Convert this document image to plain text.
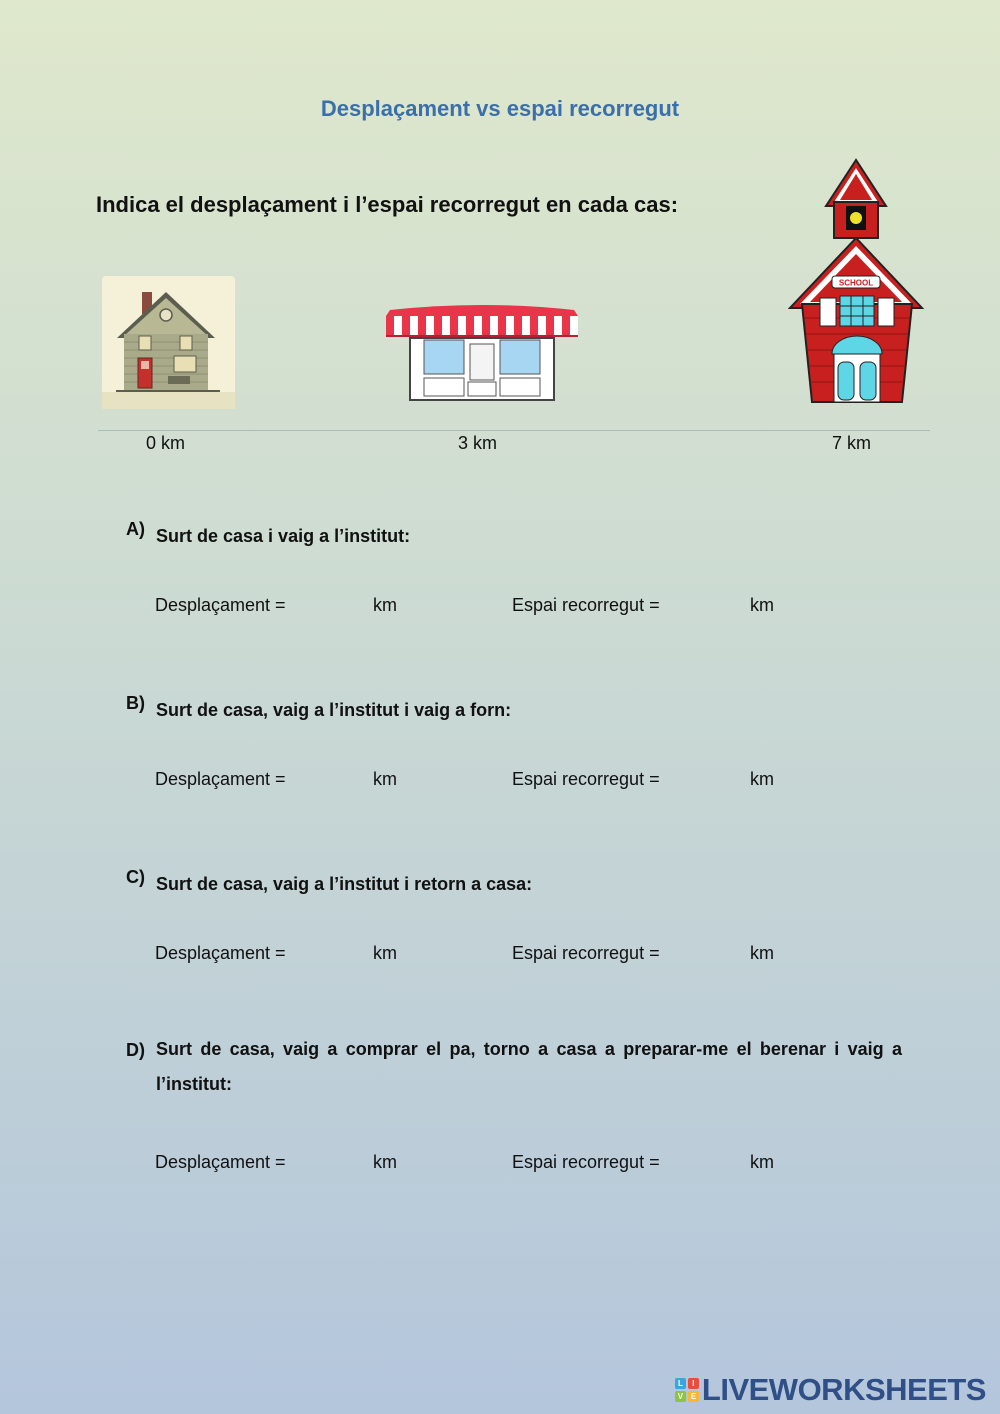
Desplaçament vs espai recorregut
Indica el desplaçament i l’espai recorregut en cada cas:
SCHOOL
0 km	3 km	7 km
A) Surt de casa i vaig a l’institut:
Desplaçament =	km	Espai recorregut =	km
B) Surt de casa, vaig a l’institut i vaig a forn:
Desplaçament =	km	Espai recorregut =	km
C) Surt de casa, vaig a l’institut i retorn a casa:
Desplaçament =	km	Espai recorregut =	km
D) Surt de casa, vaig a comprar el pa, torno a casa a preparar-me el berenar i vaig a l’institut:
Desplaçament =	km	Espai recorregut =	km
L	I
V E LIVEWORKSHEETS
